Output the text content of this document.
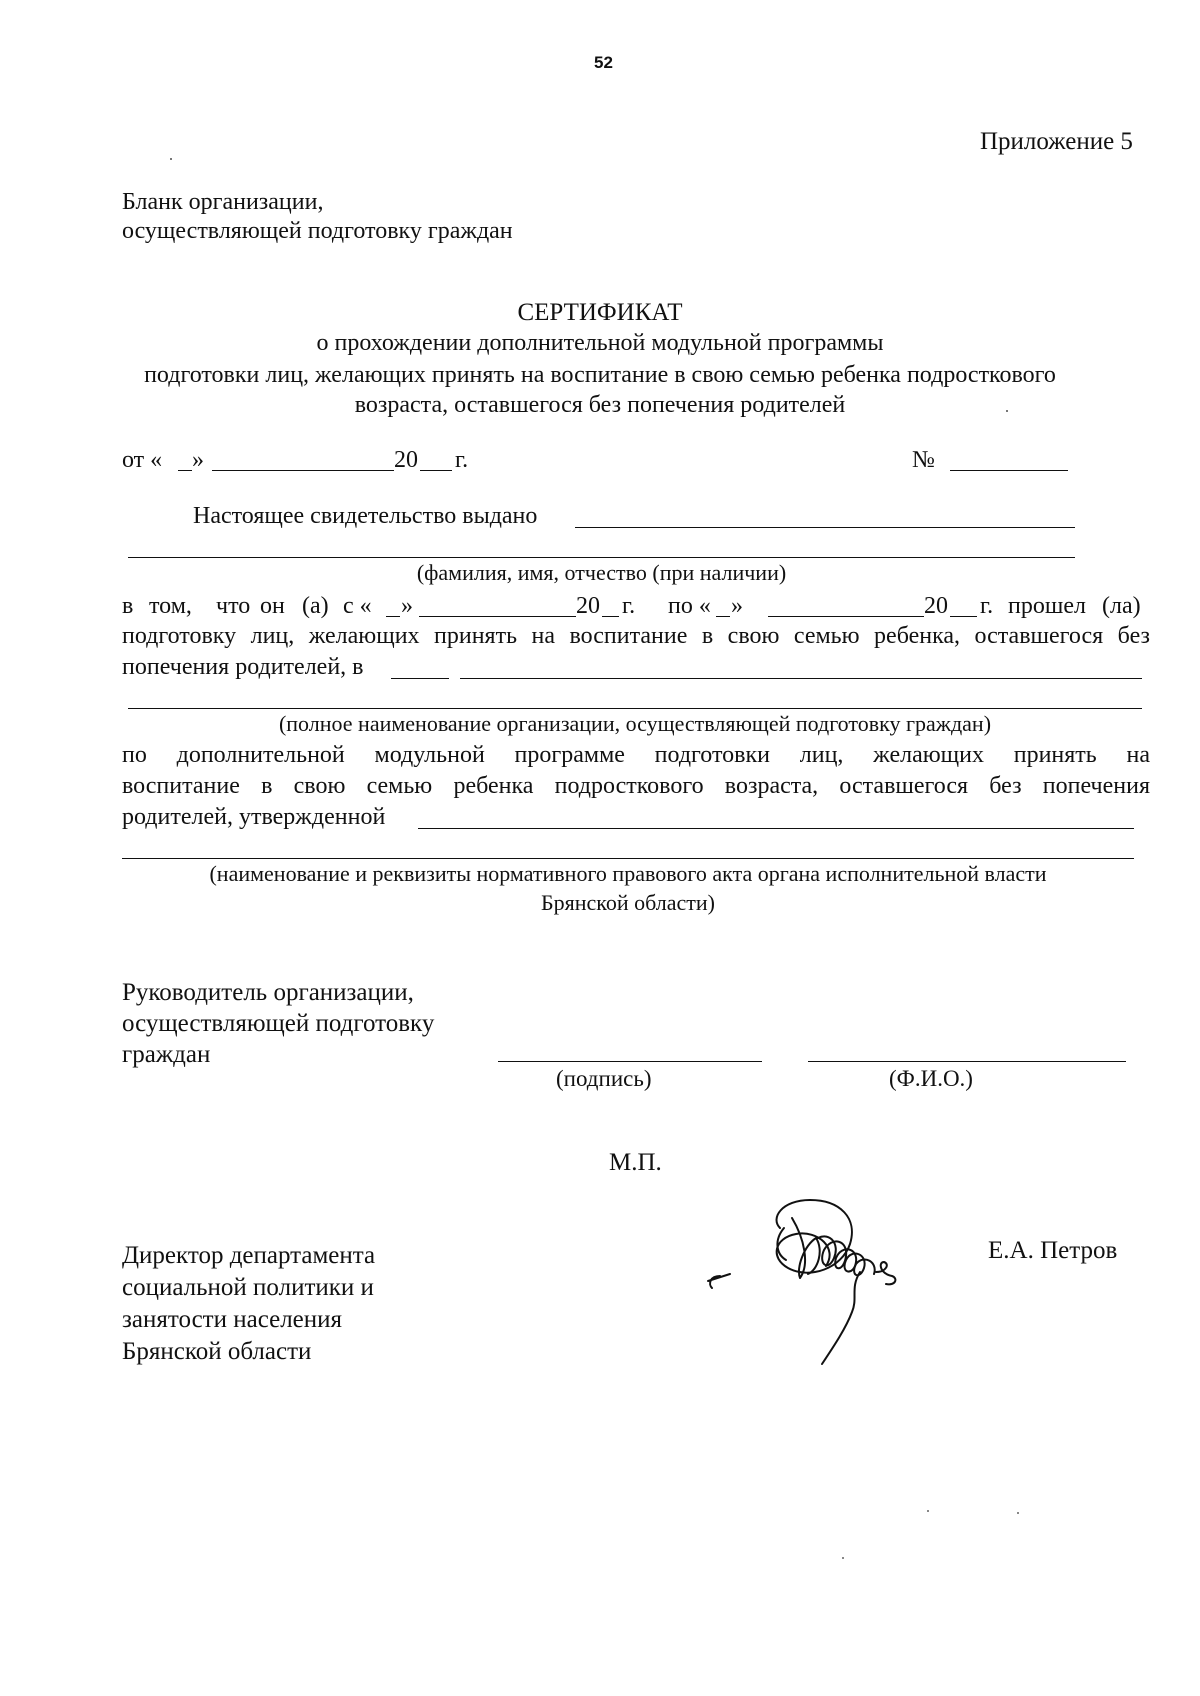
52
Приложение 5
Бланк организации,
осуществляющей подготовку граждан
СЕРТИФИКАТ
о прохождении дополнительной модульной программы
подготовки лиц, желающих принять на воспитание в свою семью ребенка подросткового
возраста, оставшегося без попечения родителей
от « »	20 г.	№
Настоящее свидетельство выдано
(фамилия, имя, отчество (при наличии)
в том, что он (а) с « »	20 г. по « »	20 г. прошел (ла)
подготовку лиц, желающих принять на воспитание в свою семью ребенка, оставшегося без
попечения родителей, в
(полное наименование организации, осуществляющей подготовку граждан)
по дополнительной модульной программе подготовки лиц, желающих принять на
воспитание в свою семью ребенка подросткового возраста, оставшегося без попечения
родителей, утвержденной
(наименование и реквизиты нормативного правового акта органа исполнительной власти
Брянской области)
Руководитель организации,
осуществляющей подготовку
граждан
(подпись)	(Ф.И.О.)
М.П.
Директор департамента
социальной политики и
занятости населения
Брянской области
Е.А. Петров
